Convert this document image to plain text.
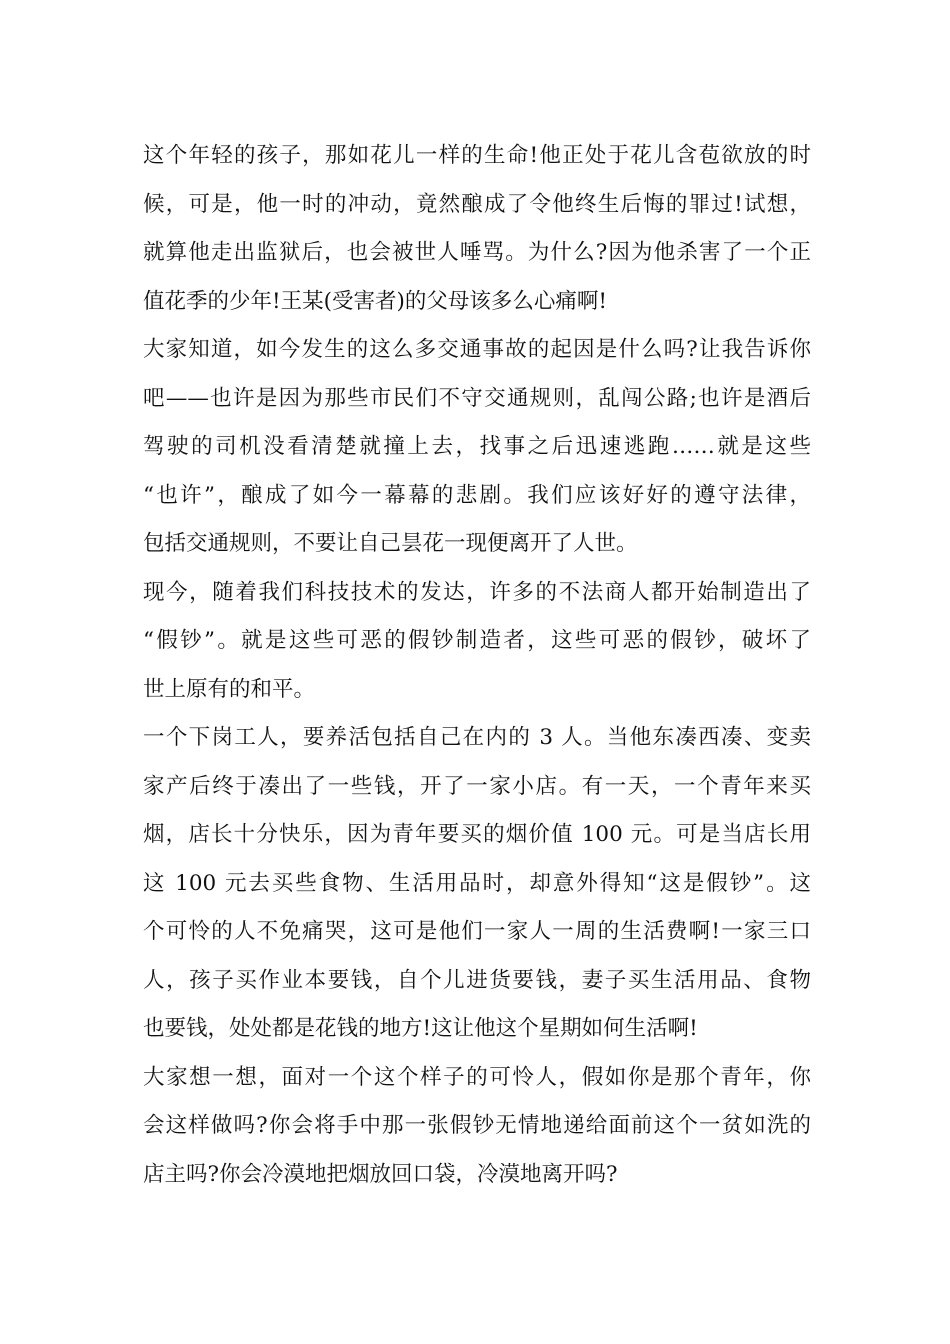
这个年轻的孩子，那如花儿一样的生命!他正处于花儿含苞欲放的时
候，可是，他一时的冲动，竟然酿成了令他终生后悔的罪过!试想，
就算他走出监狱后，也会被世人唾骂。为什么?因为他杀害了一个正
值花季的少年!王某(受害者)的父母该多么心痛啊!
大家知道，如今发生的这么多交通事故的起因是什么吗?让我告诉你
吧——也许是因为那些市民们不守交通规则，乱闯公路;也许是酒后
驾驶的司机没看清楚就撞上去，找事之后迅速逃跑……就是这些
“也许”，酿成了如今一幕幕的悲剧。我们应该好好的遵守法律，
包括交通规则，不要让自己昙花一现便离开了人世。
现今，随着我们科技技术的发达，许多的不法商人都开始制造出了
“假钞”。就是这些可恶的假钞制造者，这些可恶的假钞，破坏了
世上原有的和平。
一个下岗工人，要养活包括自己在内的 3 人。当他东凑西凑、变卖
家产后终于凑出了一些钱，开了一家小店。有一天，一个青年来买
烟，店长十分快乐，因为青年要买的烟价值 100 元。可是当店长用
这 100 元去买些食物、生活用品时，却意外得知“这是假钞”。这
个可怜的人不免痛哭，这可是他们一家人一周的生活费啊!一家三口
人，孩子买作业本要钱，自个儿进货要钱，妻子买生活用品、食物
也要钱，处处都是花钱的地方!这让他这个星期如何生活啊!
大家想一想，面对一个这个样子的可怜人，假如你是那个青年，你
会这样做吗?你会将手中那一张假钞无情地递给面前这个一贫如洗的
店主吗?你会冷漠地把烟放回口袋，冷漠地离开吗?
